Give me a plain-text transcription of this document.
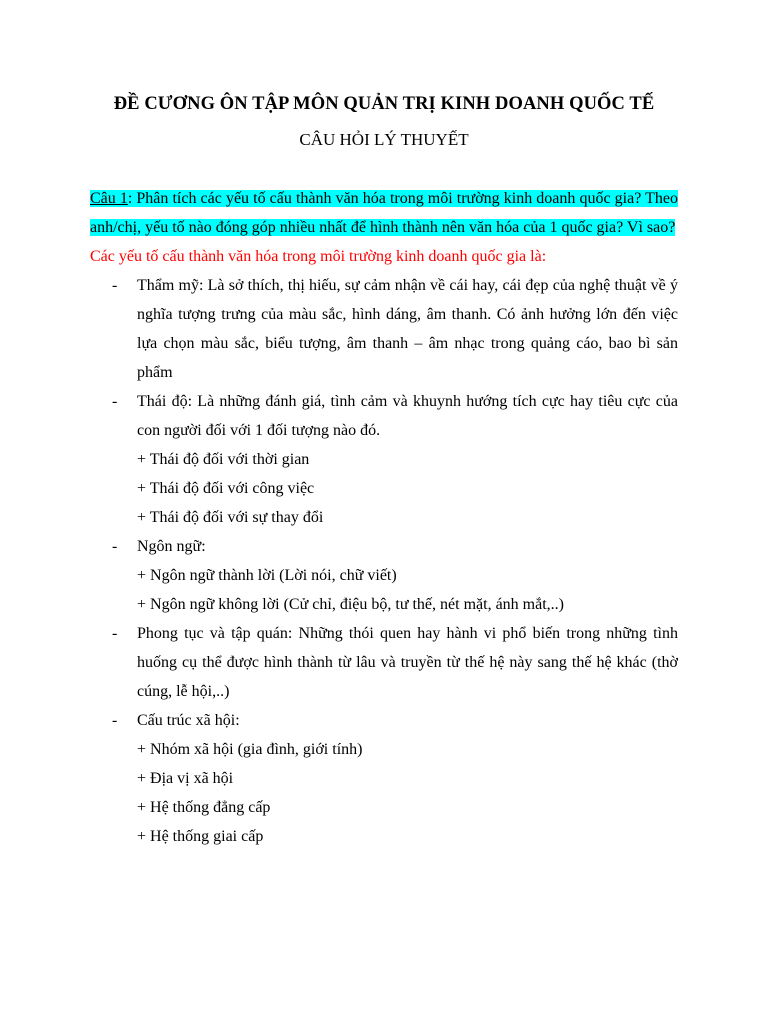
ĐỀ CƯƠNG ÔN TẬP MÔN QUẢN TRỊ KINH DOANH QUỐC TẾ
CÂU HỎI LÝ THUYẾT

Câu 1: Phân tích các yếu tố cấu thành văn hóa trong môi trường kinh doanh quốc gia? Theo anh/chị, yếu tố nào đóng góp nhiều nhất để hình thành nên văn hóa của 1 quốc gia? Vì sao?

Các yếu tố cấu thành văn hóa trong môi trường kinh doanh quốc gia là:

- Thẩm mỹ: Là sở thích, thị hiếu, sự cảm nhận về cái hay, cái đẹp của nghệ thuật về ý nghĩa tượng trưng của màu sắc, hình dáng, âm thanh. Có ảnh hưởng lớn đến việc lựa chọn màu sắc, biểu tượng, âm thanh – âm nhạc trong quảng cáo, bao bì sản phẩm
- Thái độ: Là những đánh giá, tình cảm và khuynh hướng tích cực hay tiêu cực của con người đối với 1 đối tượng nào đó.
+ Thái độ đối với thời gian
+ Thái độ đối với công việc
+ Thái độ đối với sự thay đổi
- Ngôn ngữ:
+ Ngôn ngữ thành lời (Lời nói, chữ viết)
+ Ngôn ngữ không lời (Cử chỉ, điệu bộ, tư thế, nét mặt, ánh mắt,..)
- Phong tục và tập quán: Những thói quen hay hành vi phổ biến trong những tình huống cụ thể được hình thành từ lâu và truyền từ thế hệ này sang thế hệ khác (thờ cúng, lễ hội,..)
- Cấu trúc xã hội:
+ Nhóm xã hội (gia đình, giới tính)
+ Địa vị xã hội
+ Hệ thống đẳng cấp
+ Hệ thống giai cấp
